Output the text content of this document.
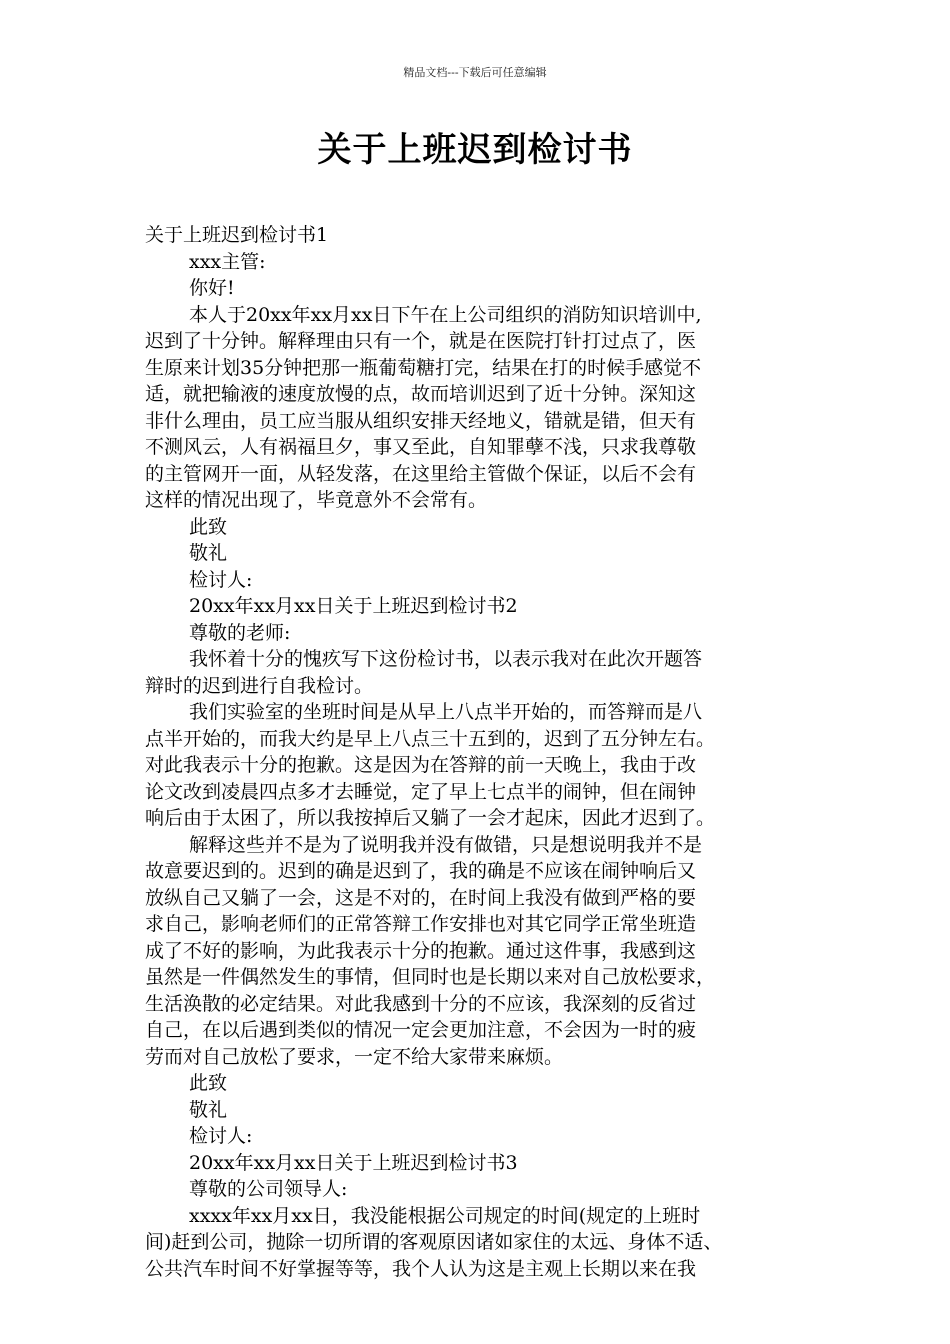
精品文档---下载后可任意编辑
关于上班迟到检讨书
关于上班迟到检讨书1
xxx主管:
你好!
本人于20xx年xx月xx日下午在上公司组织的消防知识培训中,
迟到了十分钟。解释理由只有一个，就是在医院打针打过点了，医
生原来计划35分钟把那一瓶葡萄糖打完，结果在打的时候手感觉不
适，就把输液的速度放慢的点，故而培训迟到了近十分钟。深知这
非什么理由，员工应当服从组织安排天经地义，错就是错，但天有
不测风云，人有祸福旦夕，事又至此，自知罪孽不浅，只求我尊敬
的主管网开一面，从轻发落，在这里给主管做个保证，以后不会有
这样的情况出现了，毕竟意外不会常有。
此致
敬礼
检讨人:
20xx年xx月xx日关于上班迟到检讨书2
尊敬的老师:
我怀着十分的愧疚写下这份检讨书，以表示我对在此次开题答
辩时的迟到进行自我检讨。
我们实验室的坐班时间是从早上八点半开始的，而答辩而是八
点半开始的，而我大约是早上八点三十五到的，迟到了五分钟左右。
对此我表示十分的抱歉。这是因为在答辩的前一天晚上，我由于改
论文改到凌晨四点多才去睡觉，定了早上七点半的闹钟，但在闹钟
响后由于太困了，所以我按掉后又躺了一会才起床，因此才迟到了。
解释这些并不是为了说明我并没有做错，只是想说明我并不是
故意要迟到的。迟到的确是迟到了，我的确是不应该在闹钟响后又
放纵自己又躺了一会，这是不对的，在时间上我没有做到严格的要
求自己，影响老师们的正常答辩工作安排也对其它同学正常坐班造
成了不好的影响，为此我表示十分的抱歉。通过这件事，我感到这
虽然是一件偶然发生的事情，但同时也是长期以来对自己放松要求，
生活涣散的必定结果。对此我感到十分的不应该，我深刻的反省过
自己，在以后遇到类似的情况一定会更加注意，不会因为一时的疲
劳而对自己放松了要求，一定不给大家带来麻烦。
此致
敬礼
检讨人:
20xx年xx月xx日关于上班迟到检讨书3
尊敬的公司领导人:
xxxx年xx月xx日，我没能根据公司规定的时间(规定的上班时
间)赶到公司，抛除一切所谓的客观原因诸如家住的太远、身体不适、
公共汽车时间不好掌握等等，我个人认为这是主观上长期以来在我
